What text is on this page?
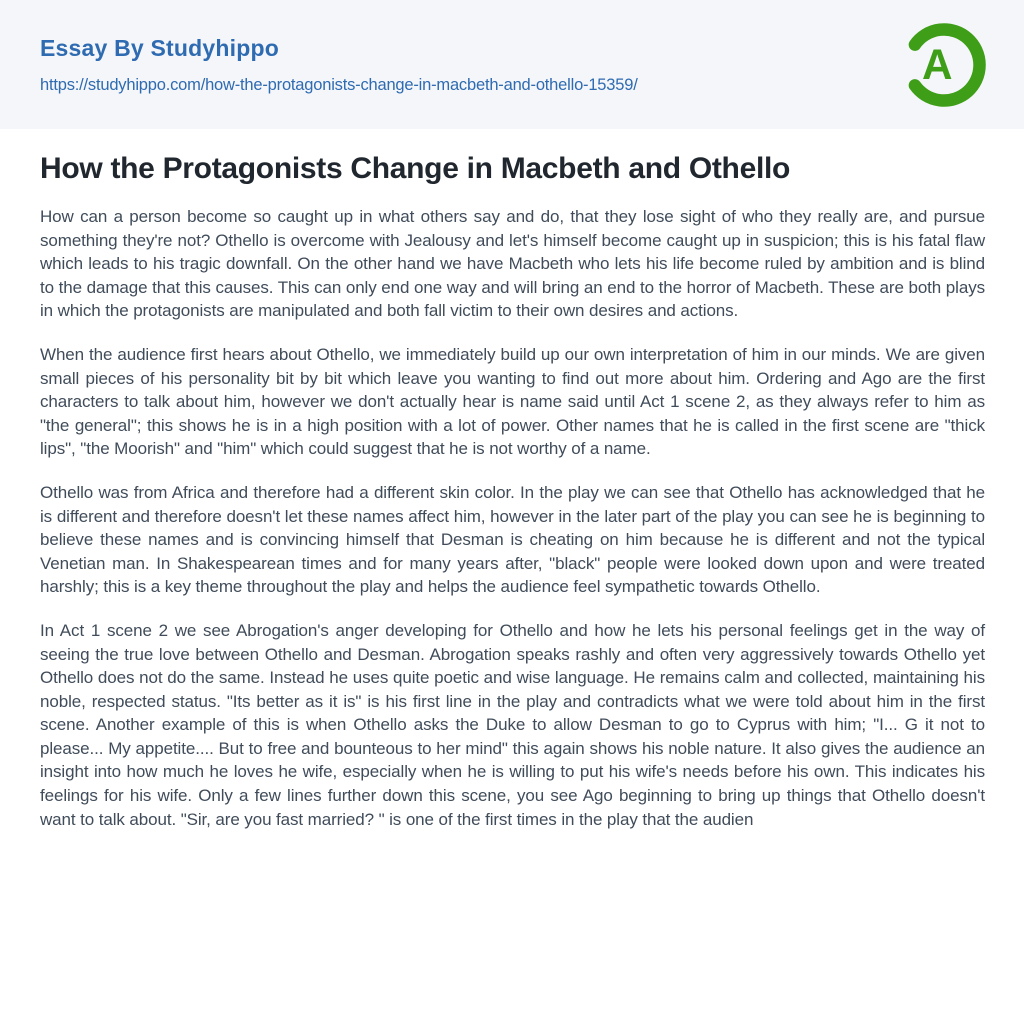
Essay By Studyhippo
https://studyhippo.com/how-the-protagonists-change-in-macbeth-and-othello-15359/	A
How the Protagonists Change in Macbeth and Othello

How can a person become so caught up in what others say and do, that they lose sight of who they really are, and pursue something they're not? Othello is overcome with Jealousy and let's himself become caught up in suspicion; this is his fatal flaw which leads to his tragic downfall. On the other hand we have Macbeth who lets his life become ruled by ambition and is blind to the damage that this causes. This can only end one way and will bring an end to the horror of Macbeth. These are both plays in which the protagonists are manipulated and both fall victim to their own desires and actions.

When the audience first hears about Othello, we immediately build up our own interpretation of him in our minds. We are given small pieces of his personality bit by bit which leave you wanting to find out more about him. Ordering and Ago are the first characters to talk about him, however we don't actually hear is name said until Act 1 scene 2, as they always refer to him as "the general"; this shows he is in a high position with a lot of power. Other names that he is called in the first scene are "thick lips", "the Moorish" and "him" which could suggest that he is not worthy of a name.

Othello was from Africa and therefore had a different skin color. In the play we can see that Othello has acknowledged that he is different and therefore doesn't let these names affect him, however in the later part of the play you can see he is beginning to believe these names and is convincing himself that Desman is cheating on him because he is different and not the typical Venetian man. In Shakespearean times and for many years after, "black" people were looked down upon and were treated harshly; this is a key theme throughout the play and helps the audience feel sympathetic towards Othello.

In Act 1 scene 2 we see Abrogation's anger developing for Othello and how he lets his personal feelings get in the way of seeing the true love between Othello and Desman. Abrogation speaks rashly and often very aggressively towards Othello yet Othello does not do the same. Instead he uses quite poetic and wise language. He remains calm and collected, maintaining his noble, respected status. "Its better as it is" is his first line in the play and contradicts what we were told about him in the first scene. Another example of this is when Othello asks the Duke to allow Desman to go to Cyprus with him; "I... G it not to please... My appetite.... But to free and bounteous to her mind" this again shows his noble nature. It also gives the audience an insight into how much he loves he wife, especially when he is willing to put his wife's needs before his own. This indicates his feelings for his wife. Only a few lines further down this scene, you see Ago beginning to bring up things that Othello doesn't want to talk about. "Sir, are you fast married? " is one of the first times in the play that the audien
